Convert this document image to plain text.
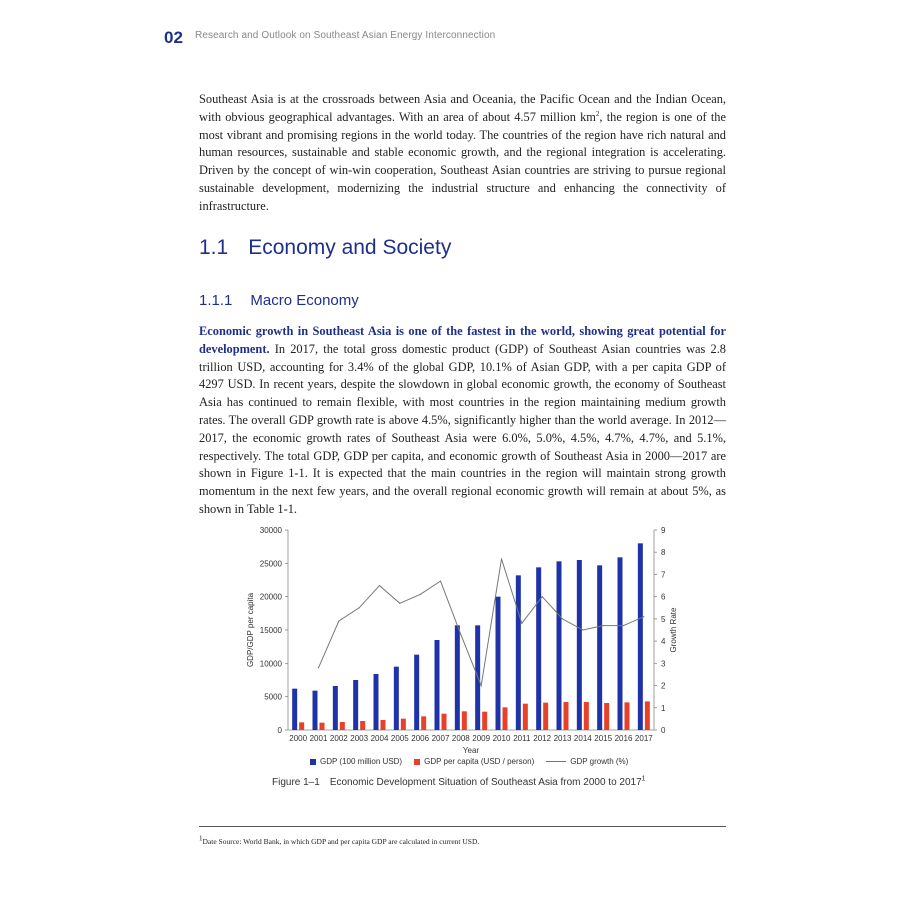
02 Research and Outlook on Southeast Asian Energy Interconnection

Southeast Asia is at the crossroads between Asia and Oceania, the Pacific Ocean and the Indian Ocean, with obvious geographical advantages. With an area of about 4.57 million $km^2$, the region is one of the most vibrant and promising regions in the world today. The countries of the region have rich natural and human resources, sustainable and stable economic growth, and the regional integration is accelerating. Driven by the concept of win-win cooperation, Southeast Asian countries are striving to pursue regional sustainable development, modernizing the industrial structure and enhancing the connectivity of infrastructure.

1.1 Economy and Society
1.1.1 Macro Economy

Economic growth in Southeast Asia is one of the fastest in the world, showing great potential for development. In 2017, the total gross domestic product (GDP) of Southeast Asian countries was 2.8 trillion USD, accounting for 3.4% of the global GDP, 10.1% of Asian GDP, with a per capita GDP of 4297 USD. In recent years, despite the slowdown in global economic growth, the economy of Southeast Asia has continued to remain flexible, with most countries in the region maintaining medium growth rates. The overall GDP growth rate is above 4.5%, significantly higher than the world average. In 2012—2017, the economic growth rates of Southeast Asia were 6.0%, 5.0%, 4.5%, 4.7%, 4.7%, and 5.1%, respectively. The total GDP, GDP per capita, and economic growth of Southeast Asia in 2000—2017 are shown in Figure 1-1. It is expected that the main countries in the region will maintain strong growth momentum in the next few years, and the overall regional economic growth will remain at about 5%, as shown in Table 1-1.

0
5000
10000
15000
20000
25000
30000
0
1
2
3
4
5
6
7
8
9
2000 2001 2002 2003 2004 2005 2006 2007 2008 2009 2010 2011 2012 2013 2014 2015 2016 2017
Year
GDP/GDP per capita	Growth Rate
GDP (100 million USD)	GDP per capita (USD / person)	GDP growth (%)
Figure 1–1 Economic Development Situation of Southeast Asia from 2000 to 2017$^1$
$^1$Date Source: World Bank, in which GDP and per capita GDP are calculated in current USD.
